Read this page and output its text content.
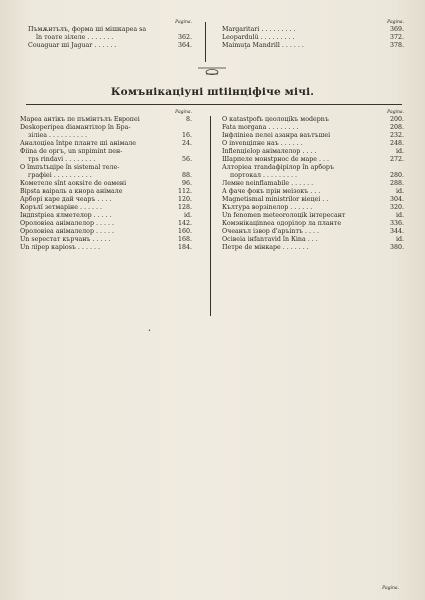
Pagina.
Пъмѫнтълъ, форма ші мішкареа sа
în тоате зілеле . . . . . . .	362.
Couaguar ші Jaguar . . . . . .	364.
Pagina.
Margaritari . . . . . . . . .	369.
Leopardulŭ . . . . . . . . .	372.
Maimuţa Mandrill . . . . . .	378.
Комънікаціуні шtіінціфіче мічі.
Pagina.
Мареа антікъ пе пъмінтълъ Европеі	8.
Deskoperіреа dіамантілор în Бра-
зіліеа . . . . . . . . . .	16.
Аналоціеа întpe планте ші анімале	24.
Фііnа de оргъ, un sпpimint пен-
тps rindavi . . . . . . . .	56.
О îmпъtъціре în sistemal теле-
графіеі . . . . . . . . . .	88.
Кометеле sînt аокsіте de оамені	96.
Віpsta ваіраль a кнора анімале	112.
Арборі каре дай чеаръ . . . .	120.
Корълї зeтмаріне . . . . . .	128.
Індпstріеа ялметелор . . . . .	id.
Ороловіеа анімалелор . . . . .	142.
Ороловіеа анімалелор . . . . .	160.
Un sерестат кърчанъ . . . . .	168.
Un лірер карiosъ . . . . . .	184.
Pagina.
О каtastpоfъ цеолоціkъ моdерnъ	200.
Fata morgana . . . . . . . .	208.
Інфлinіеа пелеі азанра ваътъшеі	232.
О іnvenціпне наъ . . . . . .	248.
Inflenціеlор анімалелор . . . .	id.
Шарпеле монstрнос de маре . . .	272.
Алторіеа тrandафірілор în арборъ
портокал . . . . . . . . .	280.
Лемне neinflamabile . . . . . .	288.
А фаче фокъ прін меізокъ . . .	id.
Magnetismal mіnistrilor віецеі . .	304.
Кълтура ворзіnелор . . . . . .	320.
Un fenomen meteorолоціk інтересант	id.
Комэнікаціnnеа одорілор ла планте	336.
Очеанъл ізвор d'apъinтъ . . . .	344.
Осiвеіа інfаnтаvid în Кіna . . .	id.
Петре de мінкаре . . . . . . .	380.
•
Pagina.
